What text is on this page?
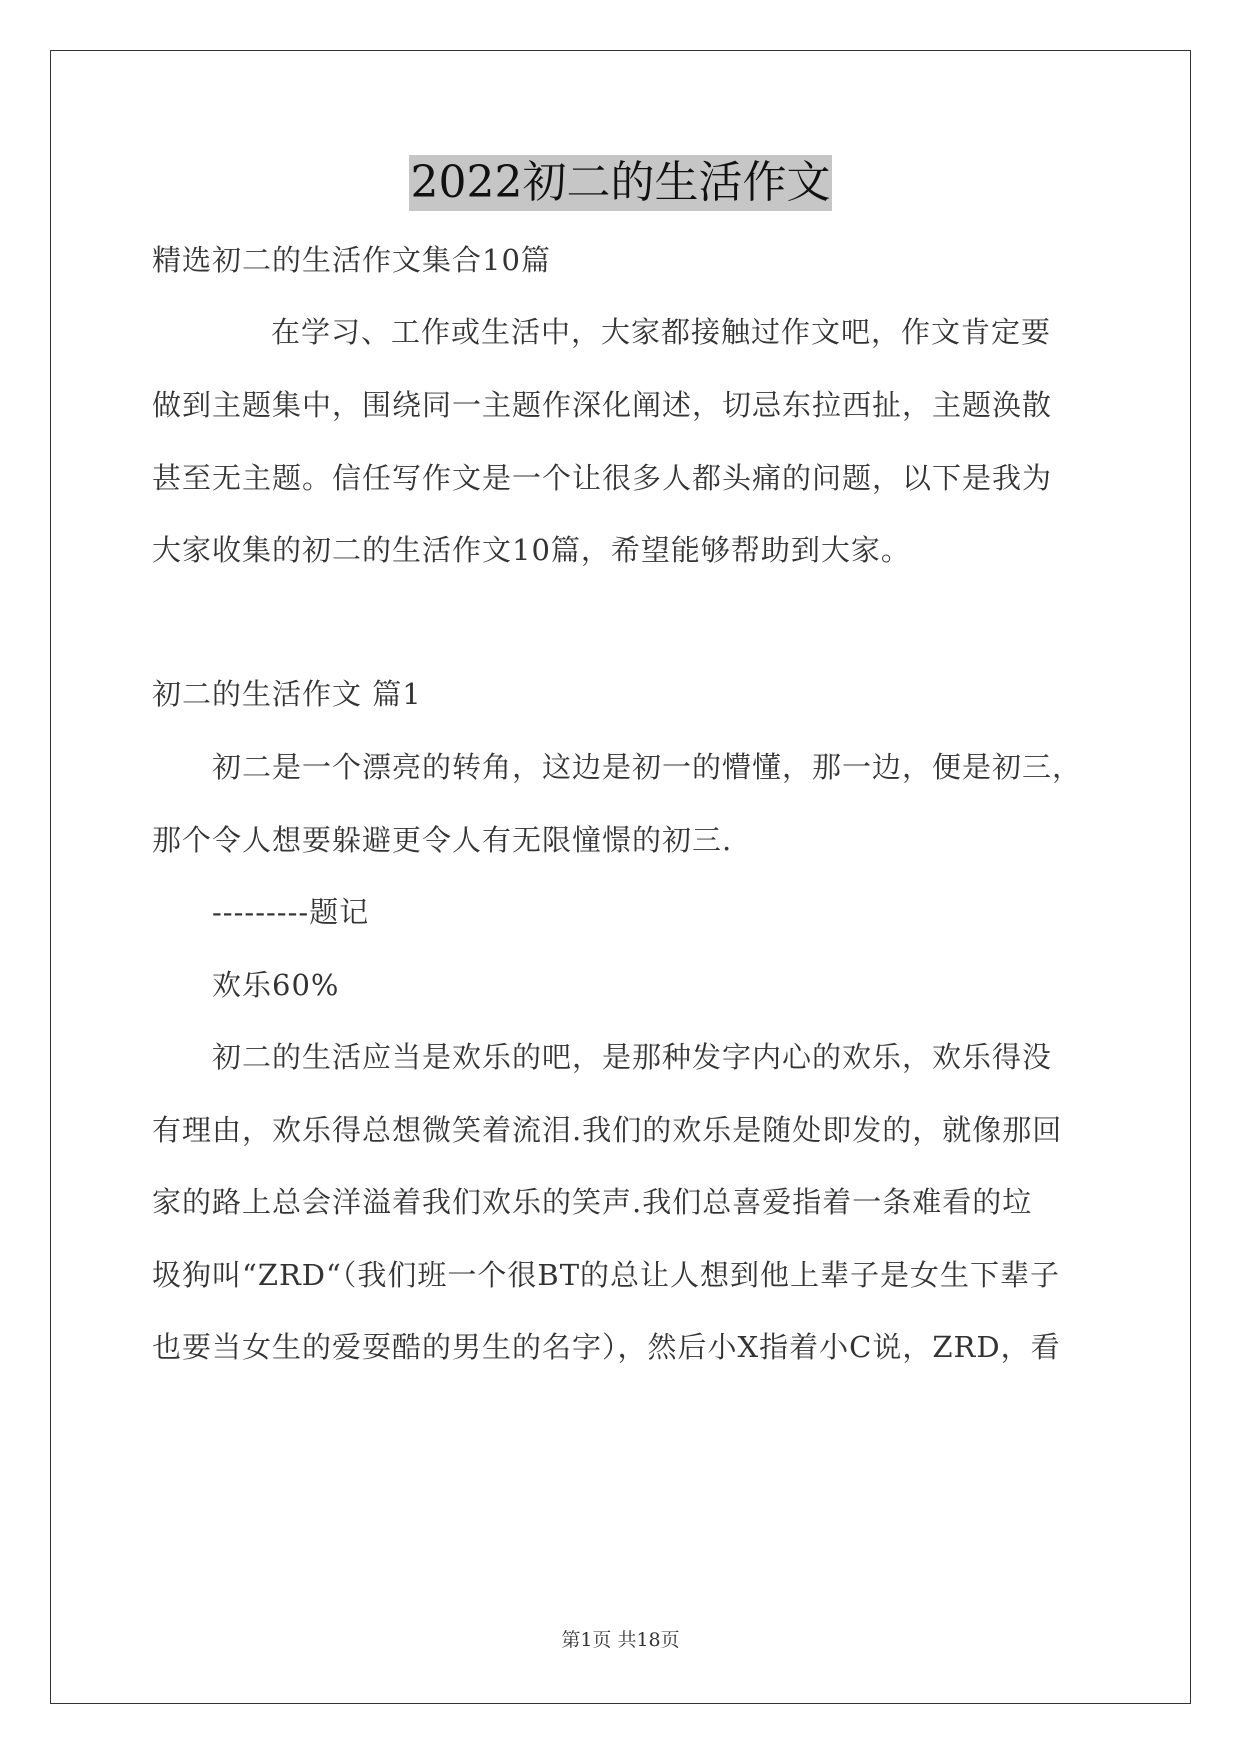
2022初二的生活作文
精选初二的生活作文集合10篇
在学习、工作或生活中，大家都接触过作文吧，作文肯定要
做到主题集中，围绕同一主题作深化阐述，切忌东拉西扯，主题涣散
甚至无主题。信任写作文是一个让很多人都头痛的问题，以下是我为
大家收集的初二的生活作文10篇，希望能够帮助到大家。
初二的生活作文 篇1
初二是一个漂亮的转角，这边是初一的懵懂，那一边，便是初三，
那个令人想要躲避更令人有无限憧憬的初三.
---------题记
欢乐60%
初二的生活应当是欢乐的吧，是那种发字内心的欢乐，欢乐得没
有理由，欢乐得总想微笑着流泪.我们的欢乐是随处即发的，就像那回
家的路上总会洋溢着我们欢乐的笑声.我们总喜爱指着一条难看的垃
圾狗叫“ZRD“（我们班一个很BT的总让人想到他上辈子是女生下辈子
也要当女生的爱耍酷的男生的名字），然后小X指着小C说，ZRD，看
第1页 共18页
